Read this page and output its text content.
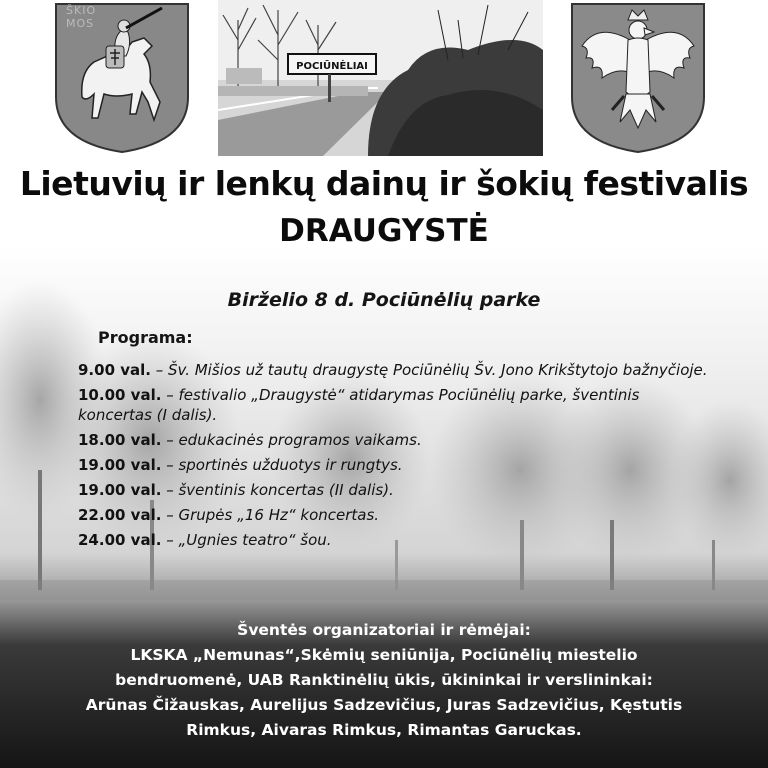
ŠKIO
MOS
POCIŪNĖLIAI
Lietuvių ir lenkų dainų ir šokių festivalis
DRAUGYSTĖ
Birželio 8 d. Pociūnėlių parke
Programa:
9.00 val. – Šv. Mišios už tautų draugystę Pociūnėlių Šv. Jono Krikštytojo bažnyčioje.
10.00 val. – festivalio „Draugystė“ atidarymas Pociūnėlių parke, šventinis koncertas (I dalis).
18.00 val. – edukacinės programos vaikams.
19.00 val. – sportinės užduotys ir rungtys.
19.00 val. – šventinis koncertas (II dalis).
22.00 val. – Grupės „16 Hz“ koncertas.
24.00 val. – „Ugnies teatro“ šou.
Šventės organizatoriai ir rėmėjai:
LKSKA „Nemunas“,Skėmių seniūnija, Pociūnėlių miestelio
bendruomenė, UAB Ranktinėlių ūkis, ūkininkai ir verslininkai:
Arūnas Čižauskas, Aurelijus Sadzevičius, Juras Sadzevičius, Kęstutis
Rimkus, Aivaras Rimkus, Rimantas Garuckas.
